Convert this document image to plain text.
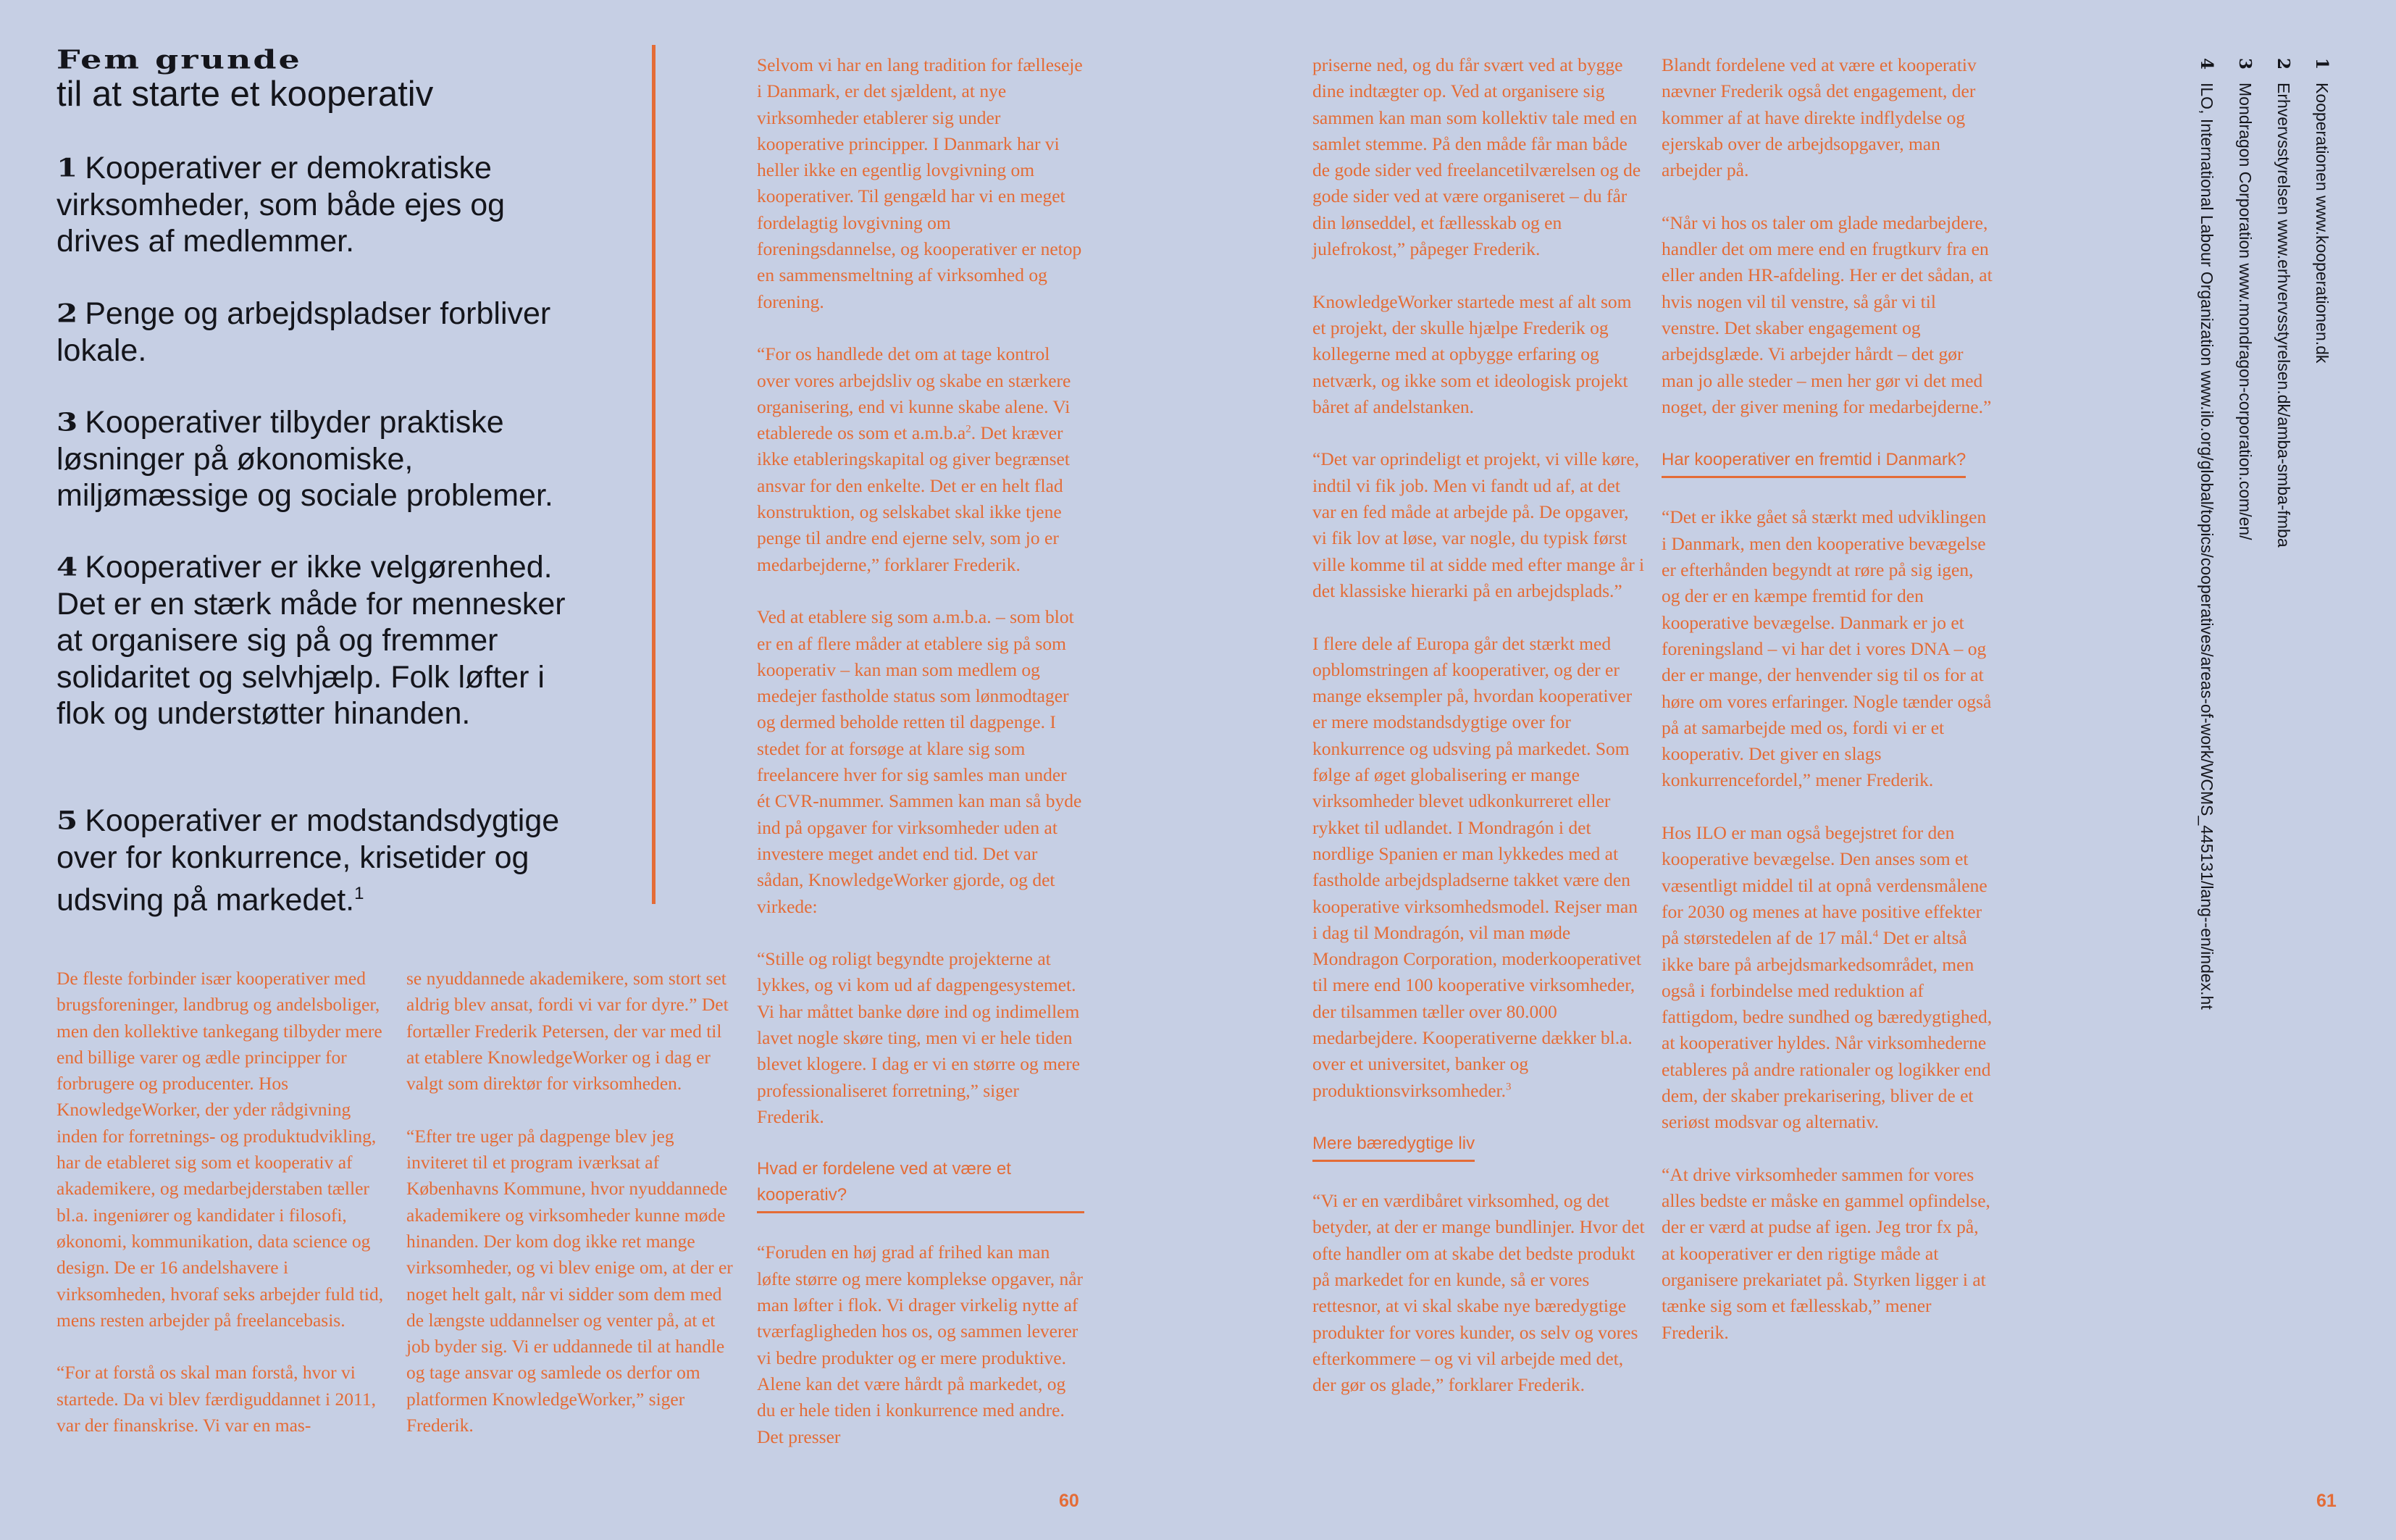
Fem grunde
til at starte et kooperativ
1 Kooperativer er demokratiske virksomheder, som både ejes og drives af medlemmer.
2 Penge og arbejdspladser forbliver lokale.
3 Kooperativer tilbyder praktiske løsninger på økonomiske, miljømæssige og sociale problemer.
4 Kooperativer er ikke velgørenhed. Det er en stærk måde for mennesker at organisere sig på og fremmer solidaritet og selvhjælp. Folk løfter i flok og understøtter hinanden.
5 Kooperativer er modstandsdygtige over for konkurrence, krisetider og udsving på markedet.$^1$

De fleste forbinder især kooperativer med brugsforeninger, landbrug og andelsboliger, men den kollektive tankegang tilbyder mere end billige varer og ædle principper for forbrugere og producenter. Hos KnowledgeWorker, der yder rådgivning inden for forretnings- og produktudvikling, har de etableret sig som et kooperativ af akademikere, og medarbejderstaben tæller bl.a. ingeniører og kandidater i filosofi, økonomi, kommunikation, data science og design. De er 16 andelshavere i virksomheden, hvoraf seks arbejder fuld tid, mens resten arbejder på freelancebasis.

“For at forstå os skal man forstå, hvor vi startede. Da vi blev færdiguddannet i 2011, var der finanskrise. Vi var en mas-

se nyuddannede akademikere, som stort set aldrig blev ansat, fordi vi var for dyre.” Det fortæller Frederik Petersen, der var med til at etablere KnowledgeWorker og i dag er valgt som direktør for virksomheden.

“Efter tre uger på dagpenge blev jeg inviteret til et program iværksat af Københavns Kommune, hvor nyuddannede akademikere og virksomheder kunne møde hinanden. Der kom dog ikke ret mange virksomheder, og vi blev enige om, at der er noget helt galt, når vi sidder som dem med de længste uddannelser og venter på, at et job byder sig. Vi er uddannede til at handle og tage ansvar og samlede os derfor om platformen KnowledgeWorker,” siger Frederik.

Selvom vi har en lang tradition for fælleseje i Danmark, er det sjældent, at nye virksomheder etablerer sig under kooperative principper. I Danmark har vi heller ikke en egentlig lovgivning om kooperativer. Til gengæld har vi en meget fordelagtig lovgivning om foreningsdannelse, og kooperativer er netop en sammensmeltning af virksomhed og forening.

“For os handlede det om at tage kontrol over vores arbejdsliv og skabe en stærkere organisering, end vi kunne skabe alene. Vi etablerede os som et $a.m.b.a^2$. Det kræver ikke etableringskapital og giver begrænset ansvar for den enkelte. Det er en helt flad konstruktion, og selskabet skal ikke tjene penge til andre end ejerne selv, som jo er medarbejderne,” forklarer Frederik.

Ved at etablere sig som a.m.b.a. – som blot er en af flere måder at etablere sig på som kooperativ – kan man som medlem og medejer fastholde status som lønmodtager og dermed beholde retten til dagpenge. I stedet for at forsøge at klare sig som freelancere hver for sig samles man under ét CVR-nummer. Sammen kan man så byde ind på opgaver for virksomheder uden at investere meget andet end tid. Det var sådan, KnowledgeWorker gjorde, og det virkede:

“Stille og roligt begyndte projekterne at lykkes, og vi kom ud af dagpengesystemet. Vi har måttet banke døre ind og indimellem lavet nogle skøre ting, men vi er hele tiden blevet klogere. I dag er vi en større og mere professionaliseret forretning,” siger Frederik.

Hvad er fordelene ved at være et kooperativ?

“Foruden en høj grad af frihed kan man løfte større og mere komplekse opgaver, når man løfter i flok. Vi drager virkelig nytte af tværfagligheden hos os, og sammen leverer vi bedre produkter og er mere produktive. Alene kan det være hårdt på markedet, og du er hele tiden i konkurrence med andre. Det presser

priserne ned, og du får svært ved at bygge dine indtægter op. Ved at organisere sig sammen kan man som kollektiv tale med en samlet stemme. På den måde får man både de gode sider ved freelancetilværelsen og de gode sider ved at være organiseret – du får din lønseddel, et fællesskab og en julefrokost,” påpeger Frederik.

KnowledgeWorker startede mest af alt som et projekt, der skulle hjælpe Frederik og kollegerne med at opbygge erfaring og netværk, og ikke som et ideologisk projekt båret af andelstanken.

“Det var oprindeligt et projekt, vi ville køre, indtil vi fik job. Men vi fandt ud af, at det var en fed måde at arbejde på. De opgaver, vi fik lov at løse, var nogle, du typisk først ville komme til at sidde med efter mange år i det klassiske hierarki på en arbejdsplads.”

I flere dele af Europa går det stærkt med opblomstringen af kooperativer, og der er mange eksempler på, hvordan kooperativer er mere modstandsdygtige over for konkurrence og udsving på markedet. Som følge af øget globalisering er mange virksomheder blevet udkonkurreret eller rykket til udlandet. I Mondragón i det nordlige Spanien er man lykkedes med at fastholde arbejdspladserne takket være den kooperative virksomhedsmodel. Rejser man i dag til Mondragón, vil man møde Mondragon Corporation, moderkooperativet til mere end 100 kooperative virksomheder, der tilsammen tæller over 80.000 medarbejdere. Kooperativerne dækker bl.a. over et universitet, banker og produktionsvirksomheder.$^3$

Mere bæredygtige liv

“Vi er en værdibåret virksomhed, og det betyder, at der er mange bundlinjer. Hvor det ofte handler om at skabe det bedste produkt på markedet for en kunde, så er vores rettesnor, at vi skal skabe nye bæredygtige produkter for vores kunder, os selv og vores efterkommere – og vi vil arbejde med det, der gør os glade,” forklarer Frederik.

Blandt fordelene ved at være et kooperativ nævner Frederik også det engagement, der kommer af at have direkte indflydelse og ejerskab over de arbejdsopgaver, man arbejder på.

“Når vi hos os taler om glade medarbejdere, handler det om mere end en frugtkurv fra en eller anden HR-afdeling. Her er det sådan, at hvis nogen vil til venstre, så går vi til venstre. Det skaber engagement og arbejdsglæde. Vi arbejder hårdt – det gør man jo alle steder – men her gør vi det med noget, der giver mening for medarbejderne.”

Har kooperativer en fremtid i Danmark?

“Det er ikke gået så stærkt med udviklingen i Danmark, men den kooperative bevægelse er efterhånden begyndt at røre på sig igen, og der er en kæmpe fremtid for den kooperative bevægelse. Danmark er jo et foreningsland – vi har det i vores DNA – og der er mange, der henvender sig til os for at høre om vores erfaringer. Nogle tænder også på at samarbejde med os, fordi vi er et kooperativ. Det giver en slags konkurrencefordel,” mener Frederik.

Hos ILO er man også begejstret for den kooperative bevægelse. Den anses som et væsentligt middel til at opnå verdensmålene for 2030 og menes at have positive effekter på størstedelen af de 17 mål.$^4$ Det er altså ikke bare på arbejdsmarkedsområdet, men også i forbindelse med reduktion af fattigdom, bedre sundhed og bæredygtighed, at kooperativer hyldes. Når virksomhederne etableres på andre rationaler og logikker end dem, der skaber prekarisering, bliver de et seriøst modsvar og alternativ.

“At drive virksomheder sammen for vores alles bedste er måske en gammel opfindelse, der er værd at pudse af igen. Jeg tror fx på, at kooperativer er den rigtige måde at organisere prekariatet på. Styrken ligger i at tænke sig som et fællesskab,” mener Frederik.

1Kooperationen www.kooperationen.dk
2Erhvervsstyrelsen www.erhvervsstyrelsen.dk/amba-smba-fmba
3Mondragon Corporation www.mondragon-corporation.com/en/
4ILO, International Labour Organization www.ilo.org/global/topics/cooperatives/areas-of-work/WCMS_445131/lang--en/index.ht
60	61
